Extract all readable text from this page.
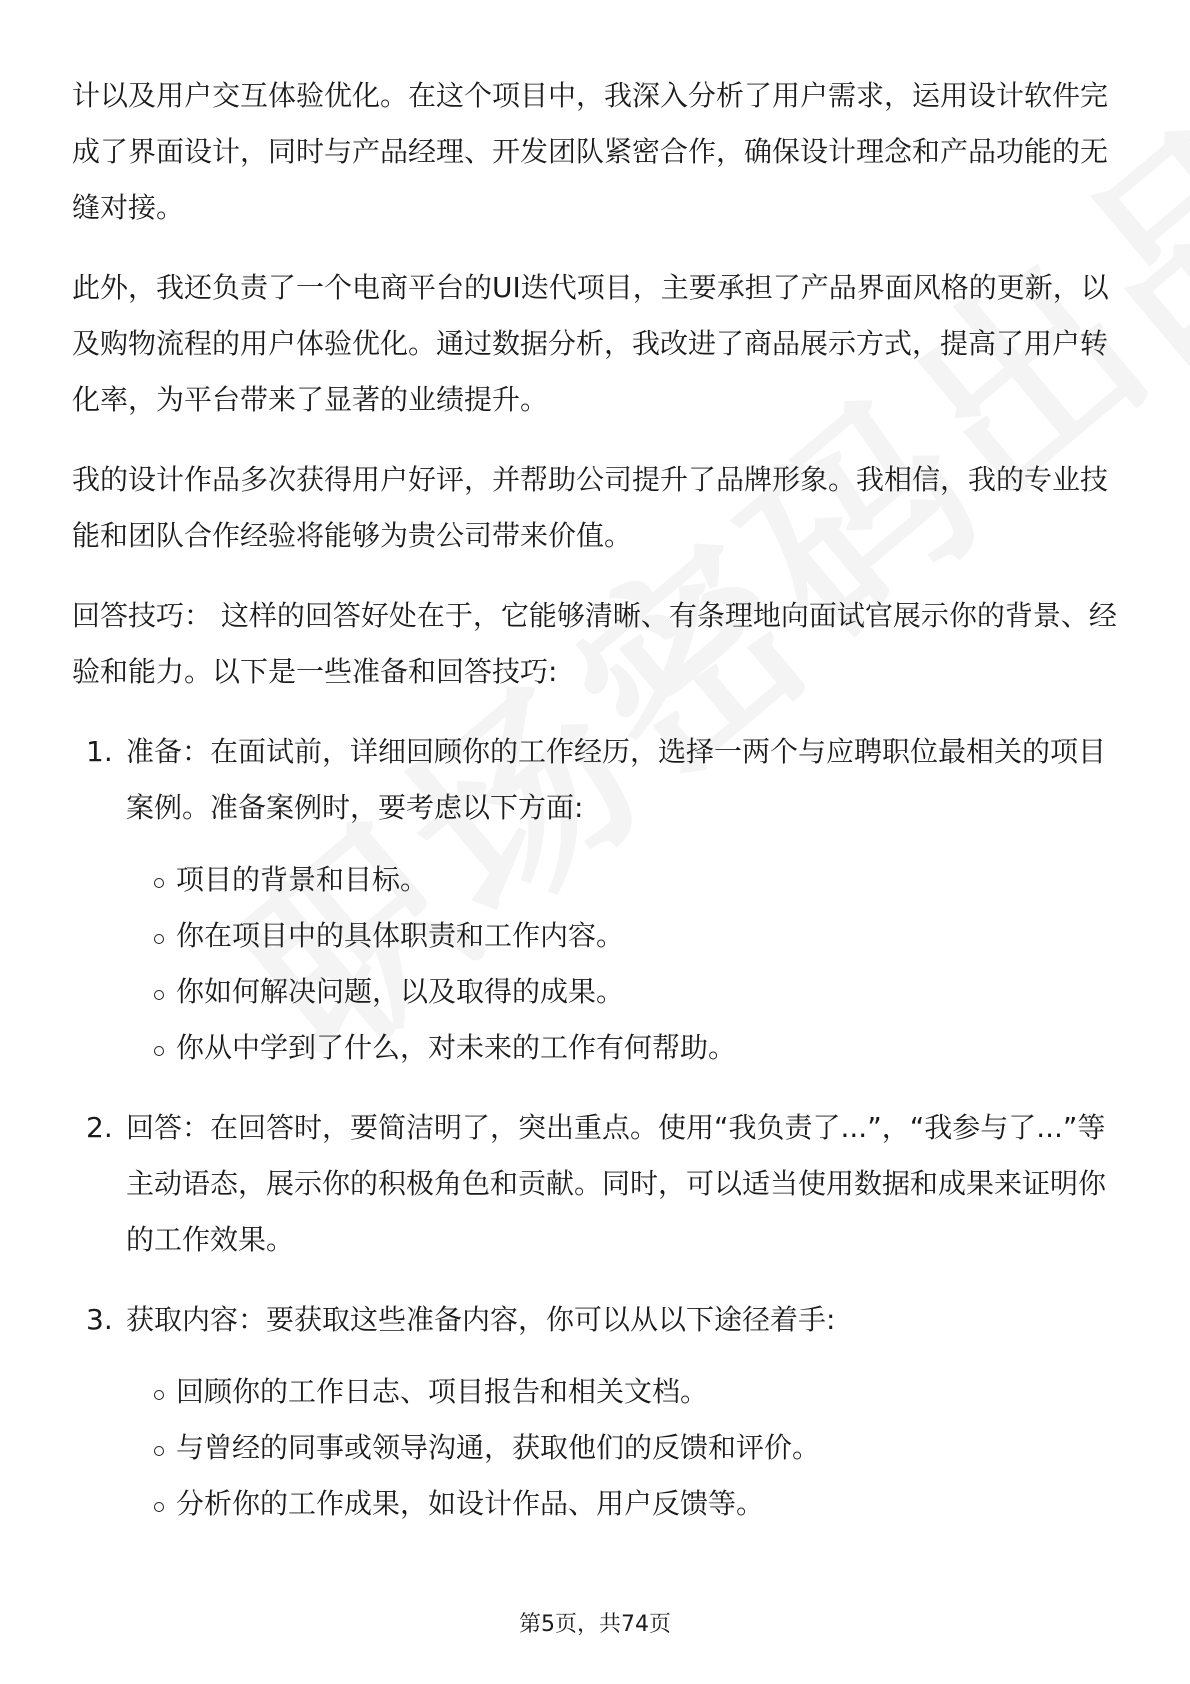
计以及用户交互体验优化。在这个项目中，我深入分析了用户需求，运用设计软件完成了界面设计，同时与产品经理、开发团队紧密合作，确保设计理念和产品功能的无缝对接。

此外，我还负责了一个电商平台的UI迭代项目，主要承担了产品界面风格的更新，以及购物流程的用户体验优化。通过数据分析，我改进了商品展示方式，提高了用户转化率，为平台带来了显著的业绩提升。

我的设计作品多次获得用户好评，并帮助公司提升了品牌形象。我相信，我的专业技能和团队合作经验将能够为贵公司带来价值。

回答技巧： 这样的回答好处在于，它能够清晰、有条理地向面试官展示你的背景、经验和能力。以下是一些准备和回答技巧:

1. 准备：在面试前，详细回顾你的工作经历，选择一两个与应聘职位最相关的项目案例。准备案例时，要考虑以下方面:
项目的背景和目标。
你在项目中的具体职责和工作内容。
你如何解决问题，以及取得的成果。
你从中学到了什么，对未来的工作有何帮助。
2. 回答：在回答时，要简洁明了，突出重点。使用“我负责了...”，“我参与了...”等主动语态，展示你的积极角色和贡献。同时，可以适当使用数据和成果来证明你的工作效果。
3. 获取内容：要获取这些准备内容，你可以从以下途径着手:
回顾你的工作日志、项目报告和相关文档。
与曾经的同事或领导沟通，获取他们的反馈和评价。
分析你的工作成果，如设计作品、用户反馈等。
第5页，共74页
